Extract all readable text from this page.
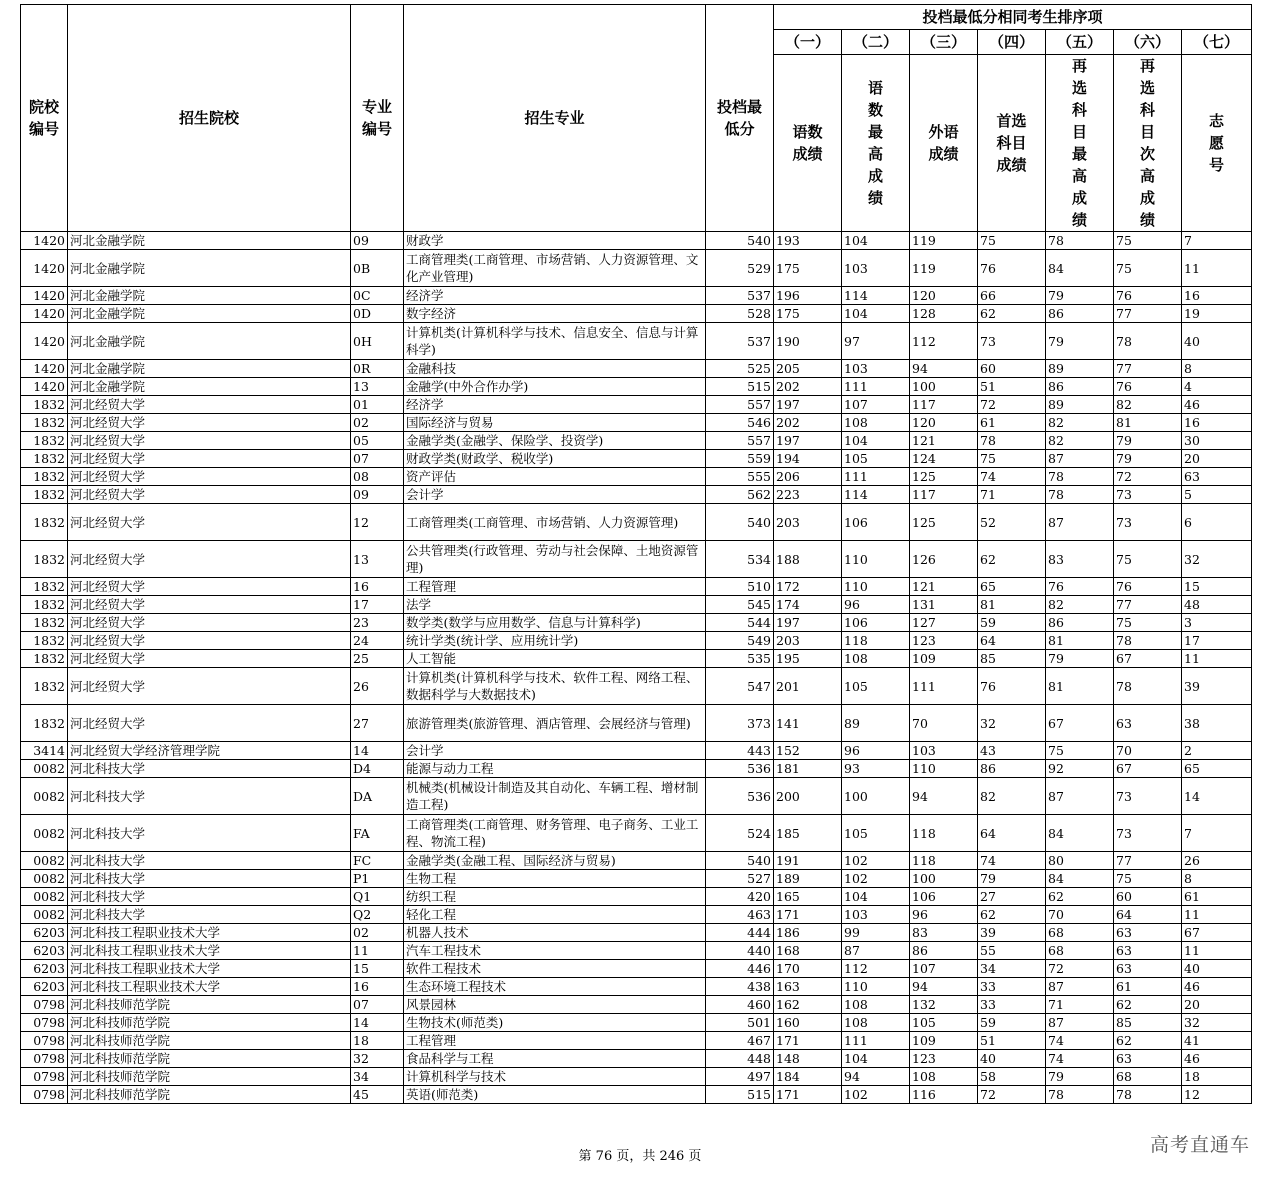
院校编号	招生院校	专业编号	招生专业	投档最低分	投档最低分相同考生排序项						
					（一）	（二）	（三）	（四）	（五）	（六）	（七）

					语数成绩	语数最高成绩	外语成绩	首选科目成绩	再选科目最高成绩	再选科目次高成绩	志愿号

1420	河北金融学院	09	财政学	540	193	104	119	75	78	75	7
1420	河北金融学院	0B	工商管理类(工商管理、市场营销、人力资源管理、文化产业管理)	529	175	103	119	76	84	75	11
1420	河北金融学院	0C	经济学	537	196	114	120	66	79	76	16
1420	河北金融学院	0D	数字经济	528	175	104	128	62	86	77	19
1420	河北金融学院	0H	计算机类(计算机科学与技术、信息安全、信息与计算科学)	537	190	97	112	73	79	78	40
1420	河北金融学院	0R	金融科技	525	205	103	94	60	89	77	8
1420	河北金融学院	13	金融学(中外合作办学)	515	202	111	100	51	86	76	4
1832	河北经贸大学	01	经济学	557	197	107	117	72	89	82	46
1832	河北经贸大学	02	国际经济与贸易	546	202	108	120	61	82	81	16
1832	河北经贸大学	05	金融学类(金融学、保险学、投资学)	557	197	104	121	78	82	79	30
1832	河北经贸大学	07	财政学类(财政学、税收学)	559	194	105	124	75	87	79	20
1832	河北经贸大学	08	资产评估	555	206	111	125	74	78	72	63
1832	河北经贸大学	09	会计学	562	223	114	117	71	78	73	5
1832	河北经贸大学	12	工商管理类(工商管理、市场营销、人力资源管理)	540	203	106	125	52	87	73	6
1832	河北经贸大学	13	公共管理类(行政管理、劳动与社会保障、土地资源管理)	534	188	110	126	62	83	75	32
1832	河北经贸大学	16	工程管理	510	172	110	121	65	76	76	15
1832	河北经贸大学	17	法学	545	174	96	131	81	82	77	48
1832	河北经贸大学	23	数学类(数学与应用数学、信息与计算科学)	544	197	106	127	59	86	75	3
1832	河北经贸大学	24	统计学类(统计学、应用统计学)	549	203	118	123	64	81	78	17
1832	河北经贸大学	25	人工智能	535	195	108	109	85	79	67	11
1832	河北经贸大学	26	计算机类(计算机科学与技术、软件工程、网络工程、数据科学与大数据技术)	547	201	105	111	76	81	78	39
1832	河北经贸大学	27	旅游管理类(旅游管理、酒店管理、会展经济与管理)	373	141	89	70	32	67	63	38
3414	河北经贸大学经济管理学院	14	会计学	443	152	96	103	43	75	70	2
0082	河北科技大学	D4	能源与动力工程	536	181	93	110	86	92	67	65
0082	河北科技大学	DA	机械类(机械设计制造及其自动化、车辆工程、增材制造工程)	536	200	100	94	82	87	73	14
0082	河北科技大学	FA	工商管理类(工商管理、财务管理、电子商务、工业工程、物流工程)	524	185	105	118	64	84	73	7
0082	河北科技大学	FC	金融学类(金融工程、国际经济与贸易)	540	191	102	118	74	80	77	26
0082	河北科技大学	P1	生物工程	527	189	102	100	79	84	75	8
0082	河北科技大学	Q1	纺织工程	420	165	104	106	27	62	60	61
0082	河北科技大学	Q2	轻化工程	463	171	103	96	62	70	64	11
6203	河北科技工程职业技术大学	02	机器人技术	444	186	99	83	39	68	63	67
6203	河北科技工程职业技术大学	11	汽车工程技术	440	168	87	86	55	68	63	11
6203	河北科技工程职业技术大学	15	软件工程技术	446	170	112	107	34	72	63	40
6203	河北科技工程职业技术大学	16	生态环境工程技术	438	163	110	94	33	87	61	46
0798	河北科技师范学院	07	风景园林	460	162	108	132	33	71	62	20
0798	河北科技师范学院	14	生物技术(师范类)	501	160	108	105	59	87	85	32
0798	河北科技师范学院	18	工程管理	467	171	111	109	51	74	62	41
0798	河北科技师范学院	32	食品科学与工程	448	148	104	123	40	74	63	46
0798	河北科技师范学院	34	计算机科学与技术	497	184	94	108	58	79	68	18
0798	河北科技师范学院	45	英语(师范类)	515	171	102	116	72	78	78	12
第 76 页，共 246 页
高考直通车
